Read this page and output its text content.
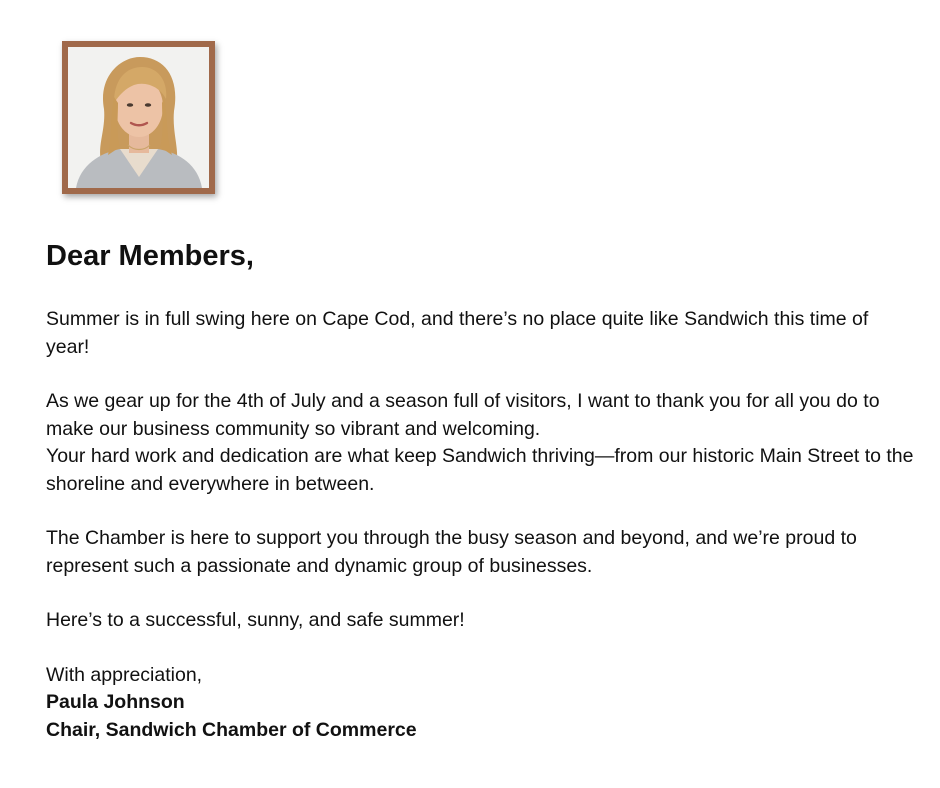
Dear Members,

Summer is in full swing here on Cape Cod, and there’s no place quite like Sandwich this time of year!

As we gear up for the 4th of July and a season full of visitors, I want to thank you for all you do to make our business community so vibrant and welcoming.

Your hard work and dedication are what keep Sandwich thriving—from our historic Main Street to the shoreline and everywhere in between.

The Chamber is here to support you through the busy season and beyond, and we’re proud to represent such a passionate and dynamic group of businesses.

Here’s to a successful, sunny, and safe summer!

With appreciation,

Paula Johnson
Chair, Sandwich Chamber of Commerce
